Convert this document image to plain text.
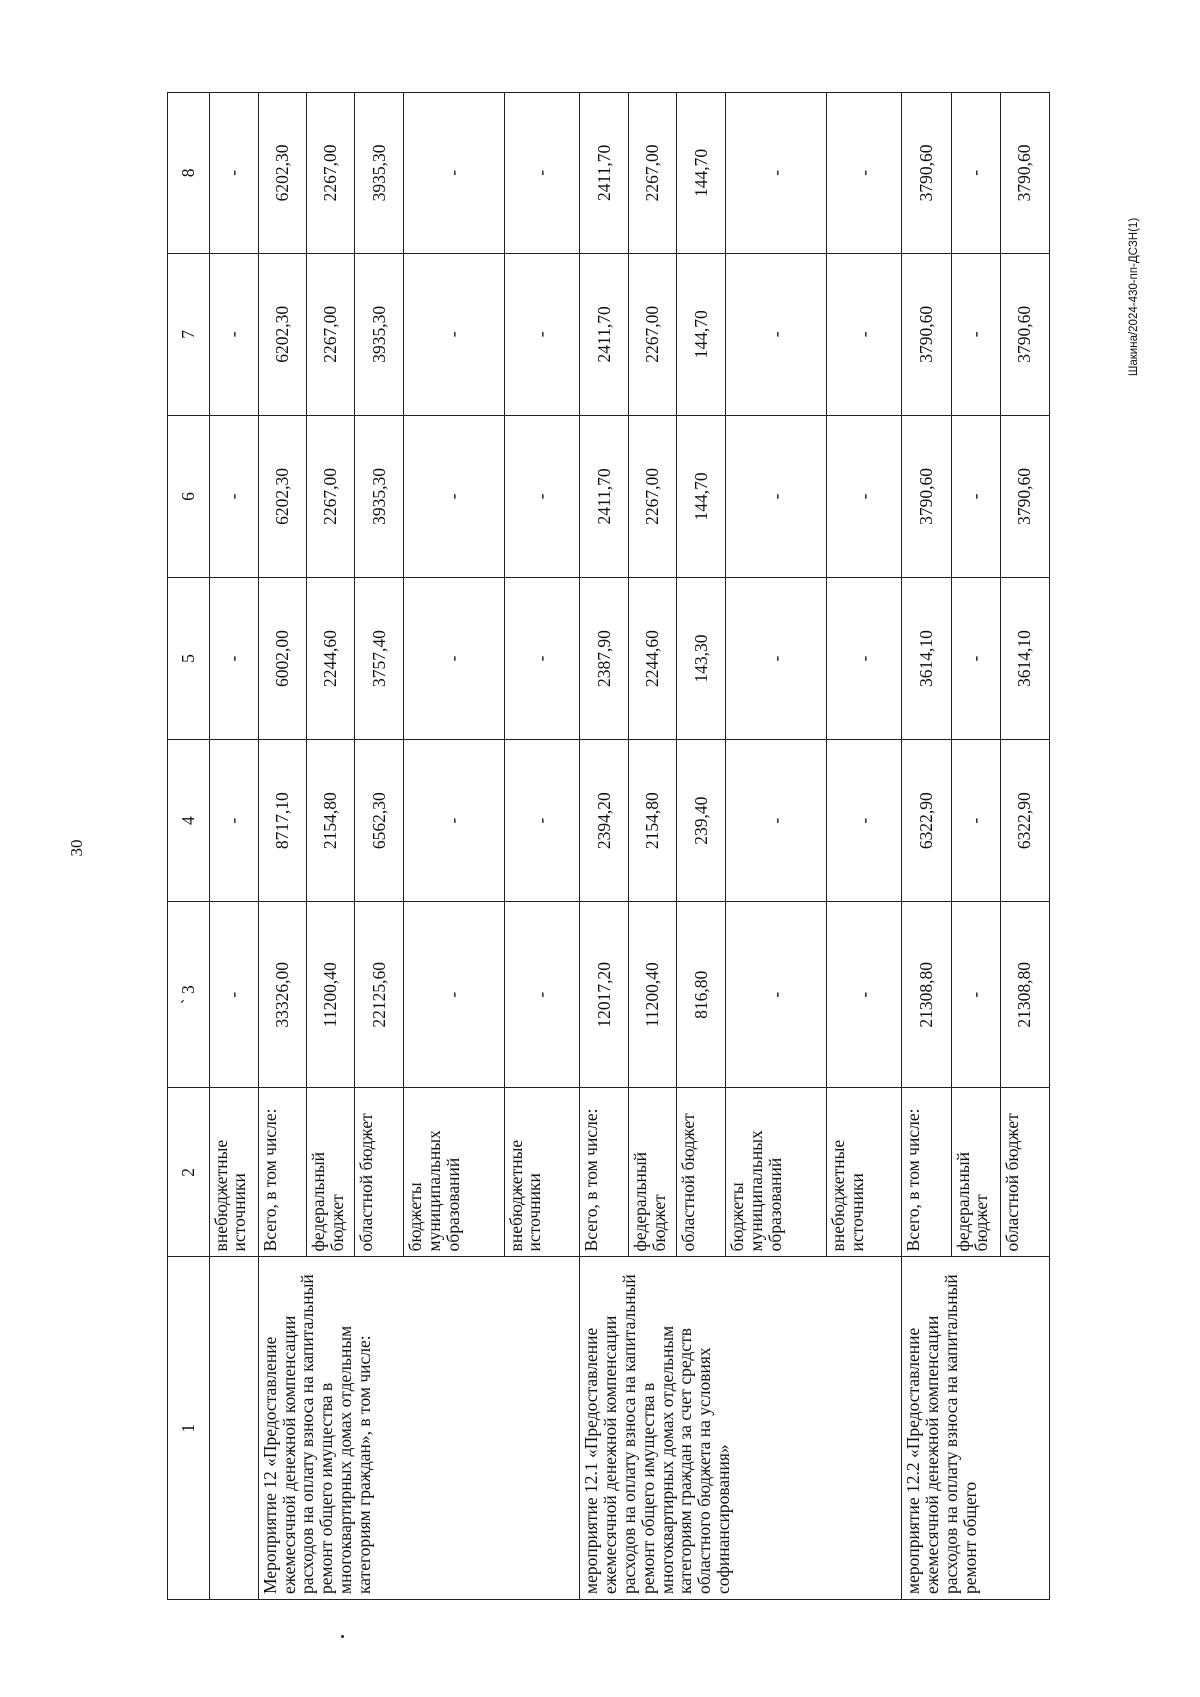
30
Шакина/2024-430-пп-ДСЗН(1)
1	2	` 3	4	5	6	7	8
	внебюджетные источники	-	-	-	-	-	-
Мероприятие 12 «Предоставление ежемесячной денежной компенсации расходов на оплату взноса на капитальный ремонт общего имущества в многоквартирных домах отдельным категориям граждан», в том числе:	Всего, в том числе:	33326,00	8717,10	6002,00	6202,30	6202,30	6202,30
	федеральный бюджет	11200,40	2154,80	2244,60	2267,00	2267,00	2267,00
	областной бюджет	22125,60	6562,30	3757,40	3935,30	3935,30	3935,30
	бюджеты муниципальных образований	-	-	-	-	-	-
	внебюджетные источники	-	-	-	-	-	-
мероприятие 12.1 «Предоставление ежемесячной денежной компенсации расходов на оплату взноса на капитальный ремонт общего имущества в многоквартирных домах отдельным категориям граждан за счет средств областного бюджета на условиях софинансирования»	Всего, в том числе:	12017,20	2394,20	2387,90	2411,70	2411,70	2411,70
	федеральный бюджет	11200,40	2154,80	2244,60	2267,00	2267,00	2267,00
	областной бюджет	816,80	239,40	143,30	144,70	144,70	144,70
	бюджеты муниципальных образований	-	-	-	-	-	-
	внебюджетные источники	-	-	-	-	-	-
мероприятие 12.2 «Предоставление ежемесячной денежной компенсации расходов на оплату взноса на капитальный ремонт общего	Всего, в том числе:	21308,80	6322,90	3614,10	3790,60	3790,60	3790,60
	федеральный бюджет	-	-	-	-	-	-
	областной бюджет	21308,80	6322,90	3614,10	3790,60	3790,60	3790,60
